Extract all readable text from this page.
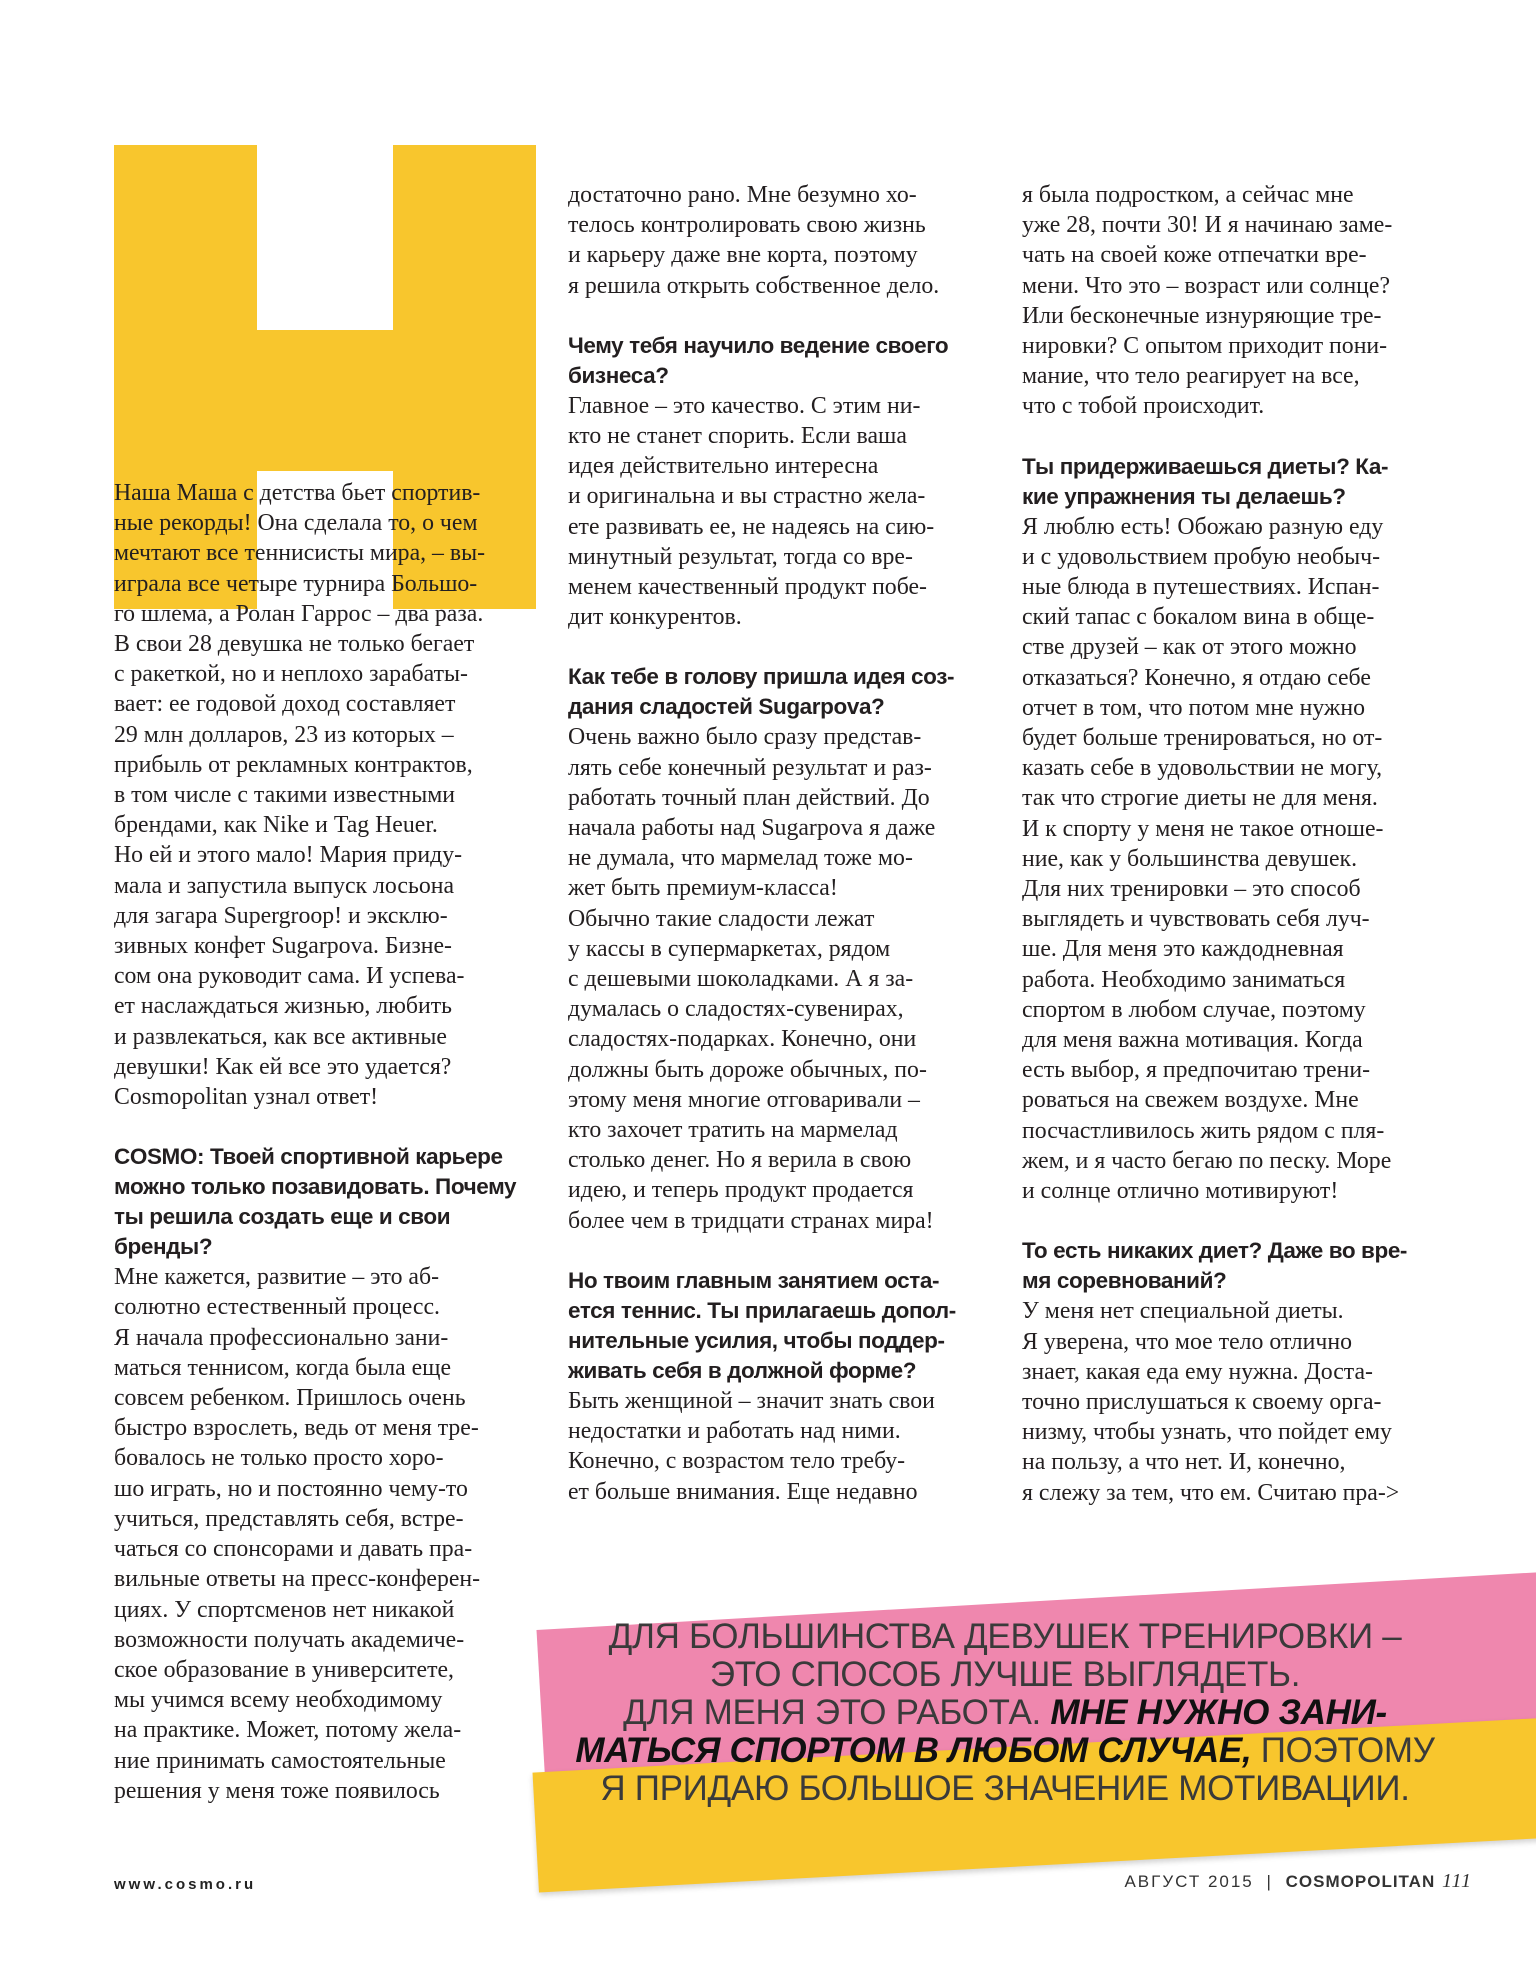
Наша Маша с детства бьет спортив-
ные рекорды! Она сделала то, о чем
мечтают все теннисисты мира, – вы-
играла все четыре турнира Большо-
го шлема, а Ролан Гаррос – два раза.
В свои 28 девушка не только бегает
с ракеткой, но и неплохо зарабаты-
вает: ее годовой доход составляет
29 млн долларов, 23 из которых –
прибыль от рекламных контрактов,
в том числе с такими известными
брендами, как Nike и Tag Heuer.
Но ей и этого мало! Мария приду-
мала и запустила выпуск лосьона
для загара Supergroop! и эксклю-
зивных конфет Sugarpova. Бизне-
сом она руководит сама. И успева-
ет наслаждаться жизнью, любить
и развлекаться, как все активные
девушки! Как ей все это удается?
Cosmopolitan узнал ответ!

COSMO: Твоей спортивной карьере
можно только позавидовать. Почему
ты решила создать еще и свои
бренды?

Мне кажется, развитие – это аб-
солютно естественный процесс.
Я начала профессионально зани-
маться теннисом, когда была еще
совсем ребенком. Пришлось очень
быстро взрослеть, ведь от меня тре-
бовалось не только просто хоро-
шо играть, но и постоянно чему-то
учиться, представлять себя, встре-
чаться со спонсорами и давать пра-
вильные ответы на пресс-конферен-
циях. У спортсменов нет никакой
возможности получать академиче-
ское образование в университете,
мы учимся всему необходимому
на практике. Может, потому жела-
ние принимать самостоятельные
решения у меня тоже появилось

достаточно рано. Мне безумно хо-
телось контролировать свою жизнь
и карьеру даже вне корта, поэтому
я решила открыть собственное дело.

Чему тебя научило ведение своего
бизнеса?

Главное – это качество. С этим ни-
кто не станет спорить. Если ваша
идея действительно интересна
и оригинальна и вы страстно жела-
ете развивать ее, не надеясь на сию-
минутный результат, тогда со вре-
менем качественный продукт побе-
дит конкурентов.

Как тебе в голову пришла идея соз-
дания сладостей Sugarpova?

Очень важно было сразу представ-
лять себе конечный результат и раз-
работать точный план действий. До
начала работы над Sugarpova я даже
не думала, что мармелад тоже мо-
жет быть премиум-класса!
Обычно такие сладости лежат
у кассы в супермаркетах, рядом
с дешевыми шоколадками. А я за-
думалась о сладостях-сувенирах,
сладостях-подарках. Конечно, они
должны быть дороже обычных, по-
этому меня многие отговаривали –
кто захочет тратить на мармелад
столько денег. Но я верила в свою
идею, и теперь продукт продается
более чем в тридцати странах мира!

Но твоим главным занятием оста-
ется теннис. Ты прилагаешь допол-
нительные усилия, чтобы поддер-
живать себя в должной форме?

Быть женщиной – значит знать свои
недостатки и работать над ними.
Конечно, с возрастом тело требу-
ет больше внимания. Еще недавно

я была подростком, а сейчас мне
уже 28, почти 30! И я начинаю заме-
чать на своей коже отпечатки вре-
мени. Что это – возраст или солнце?
Или бесконечные изнуряющие тре-
нировки? С опытом приходит пони-
мание, что тело реагирует на все,
что с тобой происходит.

Ты придерживаешься диеты? Ка-
кие упражнения ты делаешь?

Я люблю есть! Обожаю разную еду
и с удовольствием пробую необыч-
ные блюда в путешествиях. Испан-
ский тапас с бокалом вина в обще-
стве друзей – как от этого можно
отказаться? Конечно, я отдаю себе
отчет в том, что потом мне нужно
будет больше тренироваться, но от-
казать себе в удовольствии не могу,
так что строгие диеты не для меня.
И к спорту у меня не такое отноше-
ние, как у большинства девушек.
Для них тренировки – это способ
выглядеть и чувствовать себя луч-
ше. Для меня это каждодневная
работа. Необходимо заниматься
спортом в любом случае, поэтому
для меня важна мотивация. Когда
есть выбор, я предпочитаю трени-
роваться на свежем воздухе. Мне
посчастливилось жить рядом с пля-
жем, и я часто бегаю по песку. Море
и солнце отлично мотивируют!

То есть никаких диет? Даже во вре-
мя соревнований?

У меня нет специальной диеты.
Я уверена, что мое тело отлично
знает, какая еда ему нужна. Доста-
точно прислушаться к своему орга-
низму, чтобы узнать, что пойдет ему
на пользу, а что нет. И, конечно,
я слежу за тем, что ем. Считаю пра->

ДЛЯ БОЛЬШИНСТВА ДЕВУШЕК ТРЕНИРОВКИ –
ЭТО СПОСОБ ЛУЧШЕ ВЫГЛЯДЕТЬ.
ДЛЯ МЕНЯ ЭТО РАБОТА. МНЕ НУЖНО ЗАНИ-
МАТЬСЯ СПОРТОМ В ЛЮБОМ СЛУЧАЕ, ПОЭТОМУ
Я ПРИДАЮ БОЛЬШОЕ ЗНАЧЕНИЕ МОТИВАЦИИ.
www.cosmo.ru	АВГУСТ 2015 | COSMOPOLITAN 111
